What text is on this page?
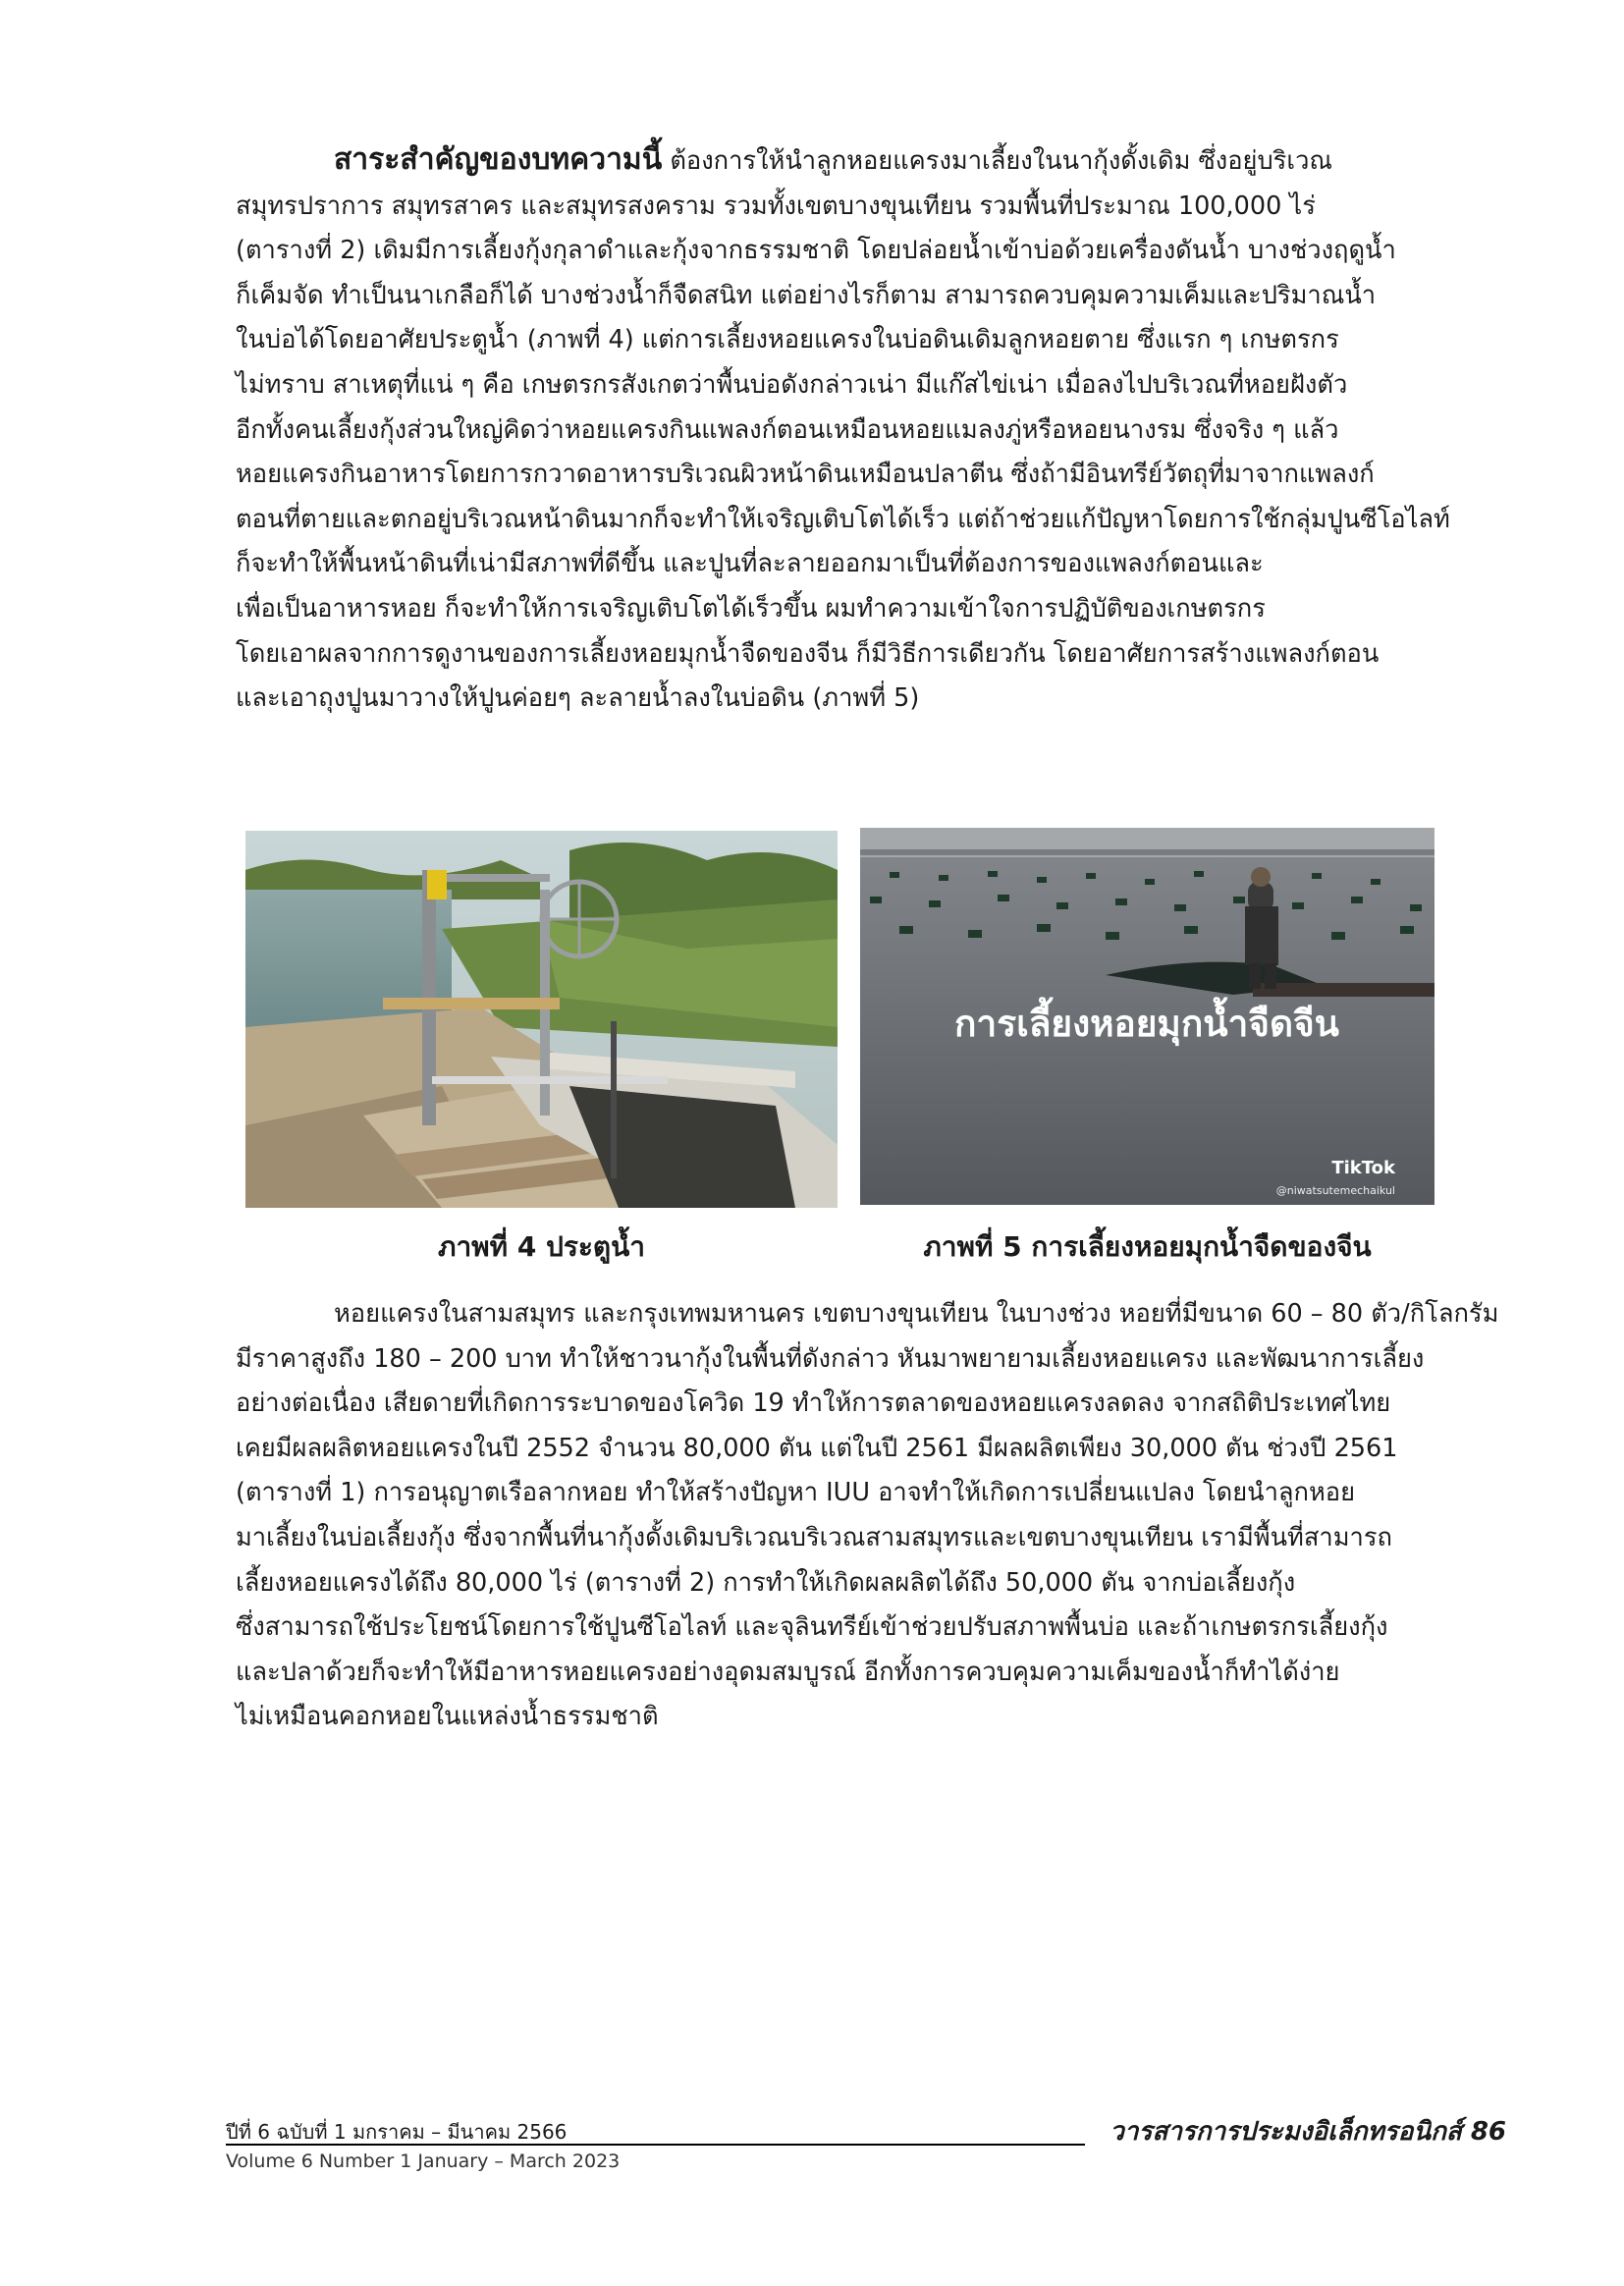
สาระสำคัญของบทความนี้ ต้องการให้นำลูกหอยแครงมาเลี้ยงในนากุ้งดั้งเดิม ซึ่งอยู่บริเวณ
สมุทรปราการ สมุทรสาคร และสมุทรสงคราม รวมทั้งเขตบางขุนเทียน รวมพื้นที่ประมาณ 100,000 ไร่
(ตารางที่ 2) เดิมมีการเลี้ยงกุ้งกุลาดำและกุ้งจากธรรมชาติ โดยปล่อยน้ำเข้าบ่อด้วยเครื่องดันน้ำ บางช่วงฤดูน้ำ
ก็เค็มจัด ทำเป็นนาเกลือก็ได้ บางช่วงน้ำก็จืดสนิท แต่อย่างไรก็ตาม สามารถควบคุมความเค็มและปริมาณน้ำ
ในบ่อได้โดยอาศัยประตูน้ำ (ภาพที่ 4) แต่การเลี้ยงหอยแครงในบ่อดินเดิมลูกหอยตาย ซึ่งแรก ๆ เกษตรกร
ไม่ทราบ สาเหตุที่แน่ ๆ คือ เกษตรกรสังเกตว่าพื้นบ่อดังกล่าวเน่า มีแก๊สไข่เน่า เมื่อลงไปบริเวณที่หอยฝังตัว
อีกทั้งคนเลี้ยงกุ้งส่วนใหญ่คิดว่าหอยแครงกินแพลงก์ตอนเหมือนหอยแมลงภู่หรือหอยนางรม ซึ่งจริง ๆ แล้ว
หอยแครงกินอาหารโดยการกวาดอาหารบริเวณผิวหน้าดินเหมือนปลาตีน ซึ่งถ้ามีอินทรีย์วัตถุที่มาจากแพลงก์
ตอนที่ตายและตกอยู่บริเวณหน้าดินมากก็จะทำให้เจริญเติบโตได้เร็ว แต่ถ้าช่วยแก้ปัญหาโดยการใช้กลุ่มปูนซีโอไลท์
ก็จะทำให้พื้นหน้าดินที่เน่ามีสภาพที่ดีขึ้น และปูนที่ละลายออกมาเป็นที่ต้องการของแพลงก์ตอนและ
เพื่อเป็นอาหารหอย ก็จะทำให้การเจริญเติบโตได้เร็วขึ้น ผมทำความเข้าใจการปฏิบัติของเกษตรกร
โดยเอาผลจากการดูงานของการเลี้ยงหอยมุกน้ำจืดของจีน ก็มีวิธีการเดียวกัน โดยอาศัยการสร้างแพลงก์ตอน
และเอาถุงปูนมาวางให้ปูนค่อยๆ ละลายน้ำลงในบ่อดิน (ภาพที่ 5)
ภาพที่ 4 ประตูน้ำ
การเลี้ยงหอยมุกน้ำจืดจีน
TikTok
@niwatsutemechaikul
ภาพที่ 5 การเลี้ยงหอยมุกน้ำจืดของจีน
หอยแครงในสามสมุทร และกรุงเทพมหานคร เขตบางขุนเทียน ในบางช่วง หอยที่มีขนาด 60 – 80 ตัว/กิโลกรัม
มีราคาสูงถึง 180 – 200 บาท ทำให้ชาวนากุ้งในพื้นที่ดังกล่าว หันมาพยายามเลี้ยงหอยแครง และพัฒนาการเลี้ยง
อย่างต่อเนื่อง เสียดายที่เกิดการระบาดของโควิด 19 ทำให้การตลาดของหอยแครงลดลง จากสถิติประเทศไทย
เคยมีผลผลิตหอยแครงในปี 2552 จำนวน 80,000 ตัน แต่ในปี 2561 มีผลผลิตเพียง 30,000 ตัน ช่วงปี 2561
(ตารางที่ 1) การอนุญาตเรือลากหอย ทำให้สร้างปัญหา IUU อาจทำให้เกิดการเปลี่ยนแปลง โดยนำลูกหอย
มาเลี้ยงในบ่อเลี้ยงกุ้ง ซึ่งจากพื้นที่นากุ้งดั้งเดิมบริเวณบริเวณสามสมุทรและเขตบางขุนเทียน เรามีพื้นที่สามารถ
เลี้ยงหอยแครงได้ถึง 80,000 ไร่ (ตารางที่ 2) การทำให้เกิดผลผลิตได้ถึง 50,000 ตัน จากบ่อเลี้ยงกุ้ง
ซึ่งสามารถใช้ประโยชน์โดยการใช้ปูนซีโอไลท์ และจุลินทรีย์เข้าช่วยปรับสภาพพื้นบ่อ และถ้าเกษตรกรเลี้ยงกุ้ง
และปลาด้วยก็จะทำให้มีอาหารหอยแครงอย่างอุดมสมบูรณ์ อีกทั้งการควบคุมความเค็มของน้ำก็ทำได้ง่าย
ไม่เหมือนคอกหอยในแหล่งน้ำธรรมชาติ
ปีที่ 6 ฉบับที่ 1 มกราคม – มีนาคม 2566
Volume 6 Number 1 January – March 2023
วารสารการประมงอิเล็กทรอนิกส์ 86
